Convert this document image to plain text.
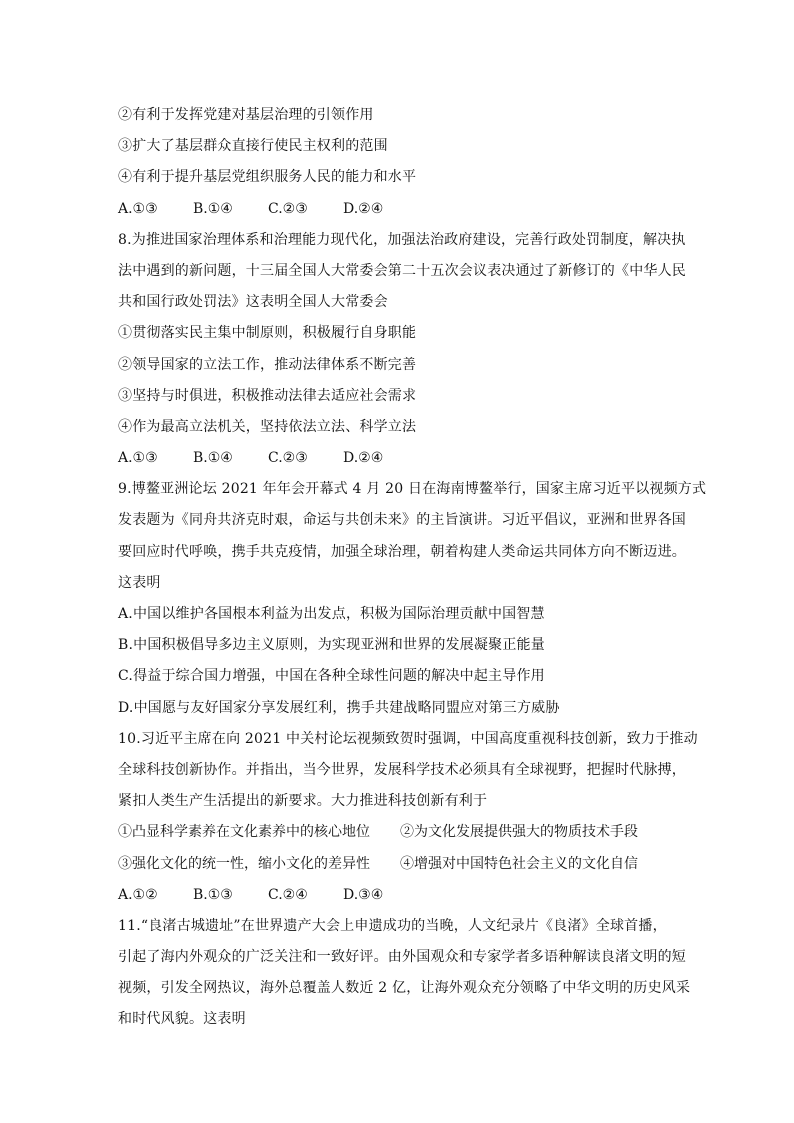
②有利于发挥党建对基层治理的引领作用
③扩大了基层群众直接行使民主权利的范围
④有利于提升基层党组织服务人民的能力和水平
A.①③	B.①④	C.②③	D.②④
8.为推进国家治理体系和治理能力现代化，加强法治政府建设，完善行政处罚制度，解决执
法中遇到的新问题，十三届全国人大常委会第二十五次会议表决通过了新修订的《中华人民
共和国行政处罚法》这表明全国人大常委会
①贯彻落实民主集中制原则，积极履行自身职能
②领导国家的立法工作，推动法律体系不断完善
③坚持与时俱进，积极推动法律去适应社会需求
④作为最高立法机关，坚持依法立法、科学立法
A.①③	B.①④	C.②③	D.②④
9.博鳌亚洲论坛 2021 年年会开幕式 4 月 20 日在海南博鳌举行，国家主席习近平以视频方式
发表题为《同舟共济克时艰，命运与共创未来》的主旨演讲。习近平倡议，亚洲和世界各国
要回应时代呼唤，携手共克疫情，加强全球治理，朝着构建人类命运共同体方向不断迈进。
这表明
A.中国以维护各国根本利益为出发点，积极为国际治理贡献中国智慧
B.中国积极倡导多边主义原则，为实现亚洲和世界的发展凝聚正能量
C.得益于综合国力增强，中国在各种全球性问题的解决中起主导作用
D.中国愿与友好国家分享发展红利，携手共建战略同盟应对第三方威胁
10.习近平主席在向 2021 中关村论坛视频致贺时强调，中国高度重视科技创新，致力于推动
全球科技创新协作。并指出，当今世界，发展科学技术必须具有全球视野，把握时代脉搏，
紧扣人类生产生活提出的新要求。大力推进科技创新有利于
①凸显科学素养在文化素养中的核心地位	②为文化发展提供强大的物质技术手段
③强化文化的统一性，缩小文化的差异性	④增强对中国特色社会主义的文化自信
A.①②	B.①③	C.②④	D.③④
11.“良渚古城遗址”在世界遗产大会上申遗成功的当晚，人文纪录片《良渚》全球首播，
引起了海内外观众的广泛关注和一致好评。由外国观众和专家学者多语种解读良渚文明的短
视频，引发全网热议，海外总覆盖人数近 2 亿，让海外观众充分领略了中华文明的历史风采
和时代风貌。这表明
